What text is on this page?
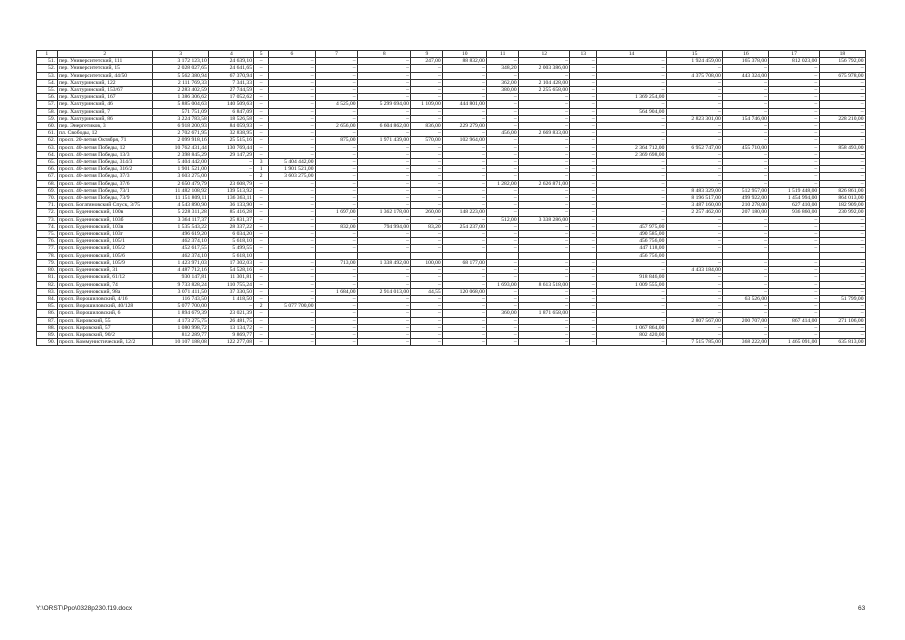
1	2	3	4	5	6	7	8	9	10	11	12	13	14	15	16	17	18
51.	пер. Университетский, 111	3 172 123,10	24 639,10	–	–	–	–	247,00	88 832,00	–	–	–	–	1 924 459,00	165 378,00	812 023,00	156 792,00
52.	пер. Университетский, 15	2 028 027,65	24 641,65	–	–	–	–	–	–	348,20	2 003 386,00	–	–	–	–	–	–
53.	пер. Университетский, 44/50	5 562 380,94	67 370,94	–	–	–	–	–	–	–	–	–	–	4 375 708,00	443 324,00	–	675 978,00
54.	пер. Хахтуринский, 122	2 111 769,33	7 341,33	–	–	–	–	–	–	362,00	2 104 428,00	–	–	–	–	–	–
55.	пер. Хахтуринский, 153/67	2 283 402,59	27 744,59	–	–	–	–	–	–	380,00	2 255 658,00	–	–	–	–	–	–
56.	пер. Хахтуринский, 167	1 386 306,62	17 052,62	–	–	–	–	–	–	–	–	–	1 369 254,00	–	–	–	–
57.	пер. Хахтуринский, 46	5 885 004,63	140 509,63	–	–	4 525,00	5 299 694,00	1 109,00	444 801,00	–	–	–	–	–	–	–	–
58.	пер. Хахтуринский, 7	571 751,09	6 847,09	–	–	–	–	–	–	–	–	–	564 904,00	–	–	–	–
59.	пер. Хахтуринский, 86	3 224 783,58	18 526,58	–	–	–	–	–	–	–	–	–	–	2 823 301,00	154 746,00	–	228 210,00
60.	пер. Энергетиков, 3	6 918 200,93	84 059,93	–	–	2 656,00	6 604 862,00	836,00	229 279,00	–	–	–	–	–	–	–	–
61.	пл. Свободы, 12	2 702 671,95	32 838,95	–	–	–	–	–	–	456,00	2 669 833,00	–	–	–	–	–	–
62.	просп. 20-летия Октября, 71	2 099 918,16	25 515,16	–	–	875,00	1 971 439,00	570,00	102 964,00	–	–	–	–	–	–	–	–
63.	просп. 40-летия Победы, 12	10 762 431,44	130 769,44	–	–	–	–	–	–	–	–	–	2 364 712,00	6 952 747,00	455 710,00	–	858 493,00
64.	просп. 40-летия Победы, 13/3	2 398 845,29	29 147,29	–	–	–	–	–	–	–	–	–	2 369 698,00	–	–	–	–
65.	просп. 40-летия Победы, 314/3	5 404 442,00	–	3	5 404 442,00	–	–	–	–	–	–	–	–	–	–	–	–
66.	просп. 40-летия Победы, 316/2	1 901 521,00	–	1	1 901 521,00	–	–	–	–	–	–	–	–	–	–	–	–
67.	просп. 40-летия Победы, 37/3	3 603 275,00	–	2	3 603 275,00	–	–	–	–	–	–	–	–	–	–	–	–
68.	просп. 40-летия Победы, 37/6	2 650 479,79	23 608,79	–	–	–	–	–	–	1 282,00	2 626 871,00	–	–	–	–	–	–
69.	просп. 40-летия Победы, 73/1	11 482 108,92	139 513,92	–	–	–	–	–	–	–	–	–	–	8 483 329,00	512 957,00	1 519 448,00	826 861,00
70.	просп. 40-летия Победы, 73/9	11 151 809,11	136 363,11	–	–	–	–	–	–	–	–	–	–	8 196 517,00	499 922,00	1 454 994,00	864 013,00
71.	просп. Богатяновский Спуск, 3/75	4 543 890,90	36 133,90	–	–	–	–	–	–	–	–	–	–	3 487 160,00	210 278,00	627 410,00	182 909,00
72.	просп. Буденновский, 100в	5 228 311,28	85 416,28	–	–	1 697,00	1 362 178,00	260,00	148 223,00	–	–	–	–	2 257 462,00	207 180,00	936 860,00	230 992,00
73.	просп. Буденновский, 103б	3 364 117,37	25 831,37	–	–	–	–	–	–	512,00	3 338 286,00	–	–	–	–	–	–
74.	просп. Буденновский, 103в	1 535 543,22	28 337,22	–	–	832,00	794 994,00	83,20	254 237,00	–	–	–	457 975,00	–	–	–	–
75.	просп. Буденновский, 103г	496 619,20	6 034,20	–	–	–	–	–	–	–	–	–	490 585,00	–	–	–	–
76.	просп. Буденновский, 105/1	462 374,10	5 618,10	–	–	–	–	–	–	–	–	–	456 756,00	–	–	–	–
77.	просп. Буденновский, 105/2	452 617,55	5 499,55	–	–	–	–	–	–	–	–	–	447 118,00	–	–	–	–
78.	просп. Буденновский, 105/6	462 374,10	5 618,10										456 756,00				
79.	просп. Буденновский, 105/9	1 423 971,03	17 302,03	–	–	713,00	1 338 492,00	100,00	68 177,00	–	–	–	–	–	–	–	–
80.	просп. Буденновский, 31	4 487 712,16	54 528,16	–	–	–	–	–	–	–	–	–	–	4 433 184,00	–	–	–
81.	просп. Буденновский, 61/12	930 147,81	11 301,81	–	–	–	–	–	–	–	–	–	918 846,00	–	–	–	–
82.	просп. Буденновский, 74	9 733 828,24	110 755,24	–	–	–	–	–	–	1 693,00	8 613 518,00	–	1 009 555,00	–	–	–	–
83.	просп. Буденновский, 98а	3 071 411,50	37 330,50	–	–	1 684,00	2 914 013,00	44,55	120 068,00	–	–	–	–	–	–	–	–
84.	просп. Ворошиловский, 4/16	116 743,50	1 418,50	–	–	–	–	–	–	–	–	–	–	–	63 526,00	–	51 799,00
85.	просп. Ворошиловский, 40/128	5 077 700,00	–	2	5 077 700,00	–	–	–	–	–	–	–	–	–	–	–	–
86.	просп. Ворошиловский, 6	1 894 679,39	23 021,39	–	–	–	–	–	–	360,00	1 871 658,00	–	–	–	–	–	–
87.	просп. Кировский, 55	4 173 275,75	26 481,75	–	–	–	–	–	–	–	–	–	–	2 807 567,00	200 707,00	867 414,00	271 106,00
88.	просп. Кировский, 57	1 080 998,72	13 134,72	–	–	–	–	–	–	–	–	–	1 067 864,00	–	–	–	–
89.	просп. Кировский, 90/2	812 289,77	9 869,77	–	–	–	–	–	–	–	–	–	802 420,00	–	–	–	–
90.	просп. Коммунистический, 12/2	10 107 188,08	122 277,08	–	–	–	–	–	–	–	–	–	–	7 515 785,00	368 222,00	1 465 091,00	635 813,00
Y:\ORST\Ppo\0328p230.f19.docx	63
